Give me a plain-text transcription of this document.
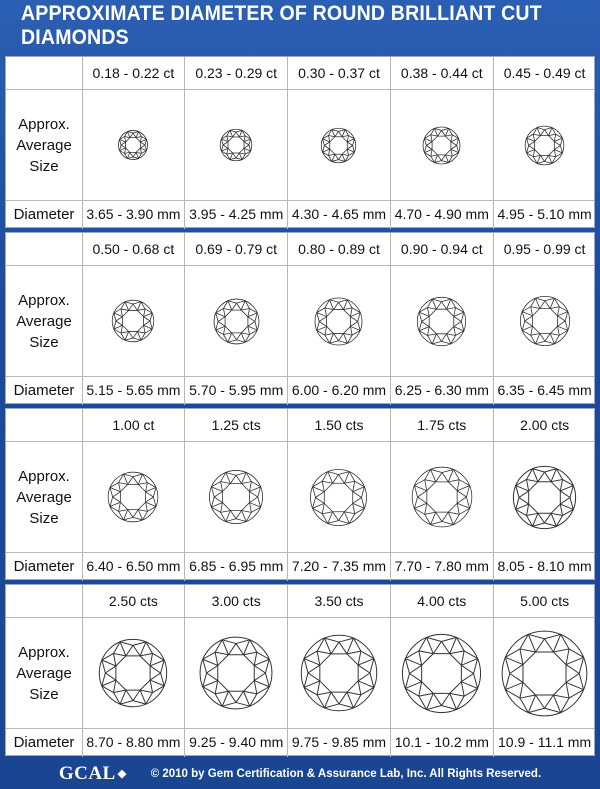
APPROXIMATE DIAMETER OF ROUND BRILLIANT CUT DIAMONDS
0.18 - 0.22 ct	0.23 - 0.29 ct	0.30 - 0.37 ct	0.38 - 0.44 ct	0.45 - 0.49 ct
Approx.
Average
Size
Diameter 3.65 - 3.90 mm 3.95 - 4.25 mm 4.30 - 4.65 mm 4.70 - 4.90 mm 4.95 - 5.10 mm
0.50 - 0.68 ct	0.69 - 0.79 ct	0.80 - 0.89 ct	0.90 - 0.94 ct	0.95 - 0.99 ct
Approx.
Average
Size
Diameter 5.15 - 5.65 mm 5.70 - 5.95 mm 6.00 - 6.20 mm 6.25 - 6.30 mm 6.35 - 6.45 mm
1.00 ct	1.25 cts	1.50 cts	1.75 cts	2.00 cts
Approx.
Average
Size
Diameter 6.40 - 6.50 mm 6.85 - 6.95 mm 7.20 - 7.35 mm 7.70 - 7.80 mm 8.05 - 8.10 mm
2.50 cts	3.00 cts	3.50 cts	4.00 cts	5.00 cts
Approx.
Average
Size
Diameter 8.70 - 8.80 mm 9.25 - 9.40 mm 9.75 - 9.85 mm 10.1 - 10.2 mm 10.9 - 11.1 mm
GCAL ◆ © 2010 by Gem Certification & Assurance Lab, Inc. All Rights Reserved.
